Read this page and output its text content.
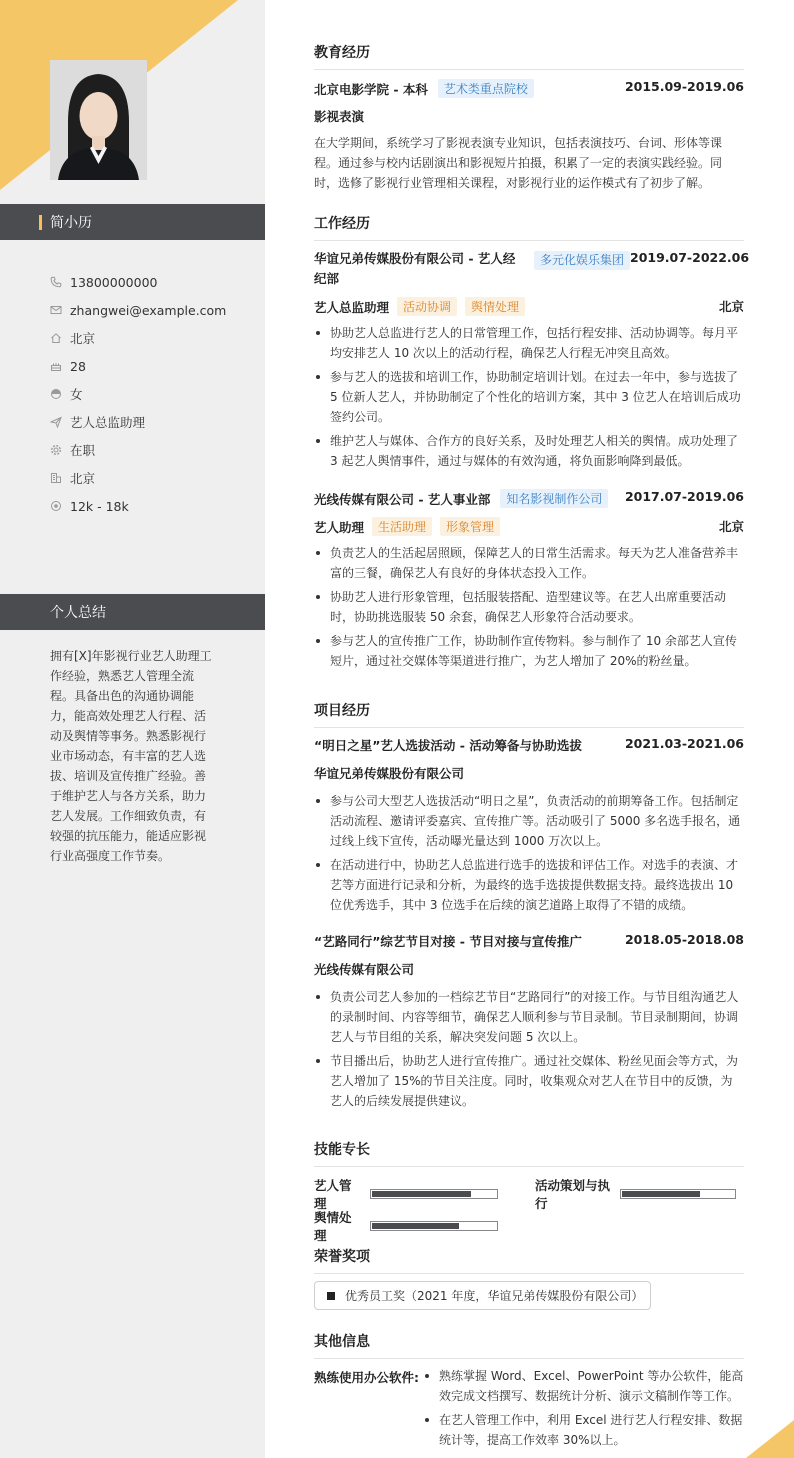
简小历
13800000000
zhangwei@example.com
北京
28
女
艺人总监助理
在职
北京
12k - 18k
个人总结
拥有[X]年影视行业艺人助理工作经验，熟悉艺人管理全流程。具备出色的沟通协调能力，能高效处理艺人行程、活动及舆情等事务。熟悉影视行业市场动态，有丰富的艺人选拔、培训及宣传推广经验。善于维护艺人与各方关系，助力艺人发展。工作细致负责，有较强的抗压能力，能适应影视行业高强度工作节奏。
教育经历
北京电影学院 - 本科	艺术类重点院校	2015.09-2019.06
影视表演
在大学期间，系统学习了影视表演专业知识，包括表演技巧、台词、形体等课程。通过参与校内话剧演出和影视短片拍摄，积累了一定的表演实践经验。同时，选修了影视行业管理相关课程，对影视行业的运作模式有了初步了解。
工作经历
华谊兄弟传媒股份有限公司 - 艺人经纪部
多元化娱乐集团 2019.07-2022.06
艺人总监助理	活动协调	舆情处理	北京
协助艺人总监进行艺人的日常管理工作，包括行程安排、活动协调等。每月平均安排艺人 10 次以上的活动行程，确保艺人行程无冲突且高效。
参与艺人的选拔和培训工作，协助制定培训计划。在过去一年中，参与选拔了 5 位新人艺人，并协助制定了个性化的培训方案，其中 3 位艺人在培训后成功签约公司。
维护艺人与媒体、合作方的良好关系，及时处理艺人相关的舆情。成功处理了 3 起艺人舆情事件，通过与媒体的有效沟通，将负面影响降到最低。
光线传媒有限公司 - 艺人事业部	知名影视制作公司	2017.07-2019.06
艺人助理	生活助理	形象管理	北京
负责艺人的生活起居照顾，保障艺人的日常生活需求。每天为艺人准备营养丰富的三餐，确保艺人有良好的身体状态投入工作。
协助艺人进行形象管理，包括服装搭配、造型建议等。在艺人出席重要活动时，协助挑选服装 50 余套，确保艺人形象符合活动要求。
参与艺人的宣传推广工作，协助制作宣传物料。参与制作了 10 余部艺人宣传短片，通过社交媒体等渠道进行推广，为艺人增加了 20%的粉丝量。
项目经历
“明日之星”艺人选拔活动 - 活动筹备与协助选拔	2021.03-2021.06
华谊兄弟传媒股份有限公司
参与公司大型艺人选拔活动“明日之星”，负责活动的前期筹备工作。包括制定活动流程、邀请评委嘉宾、宣传推广等。活动吸引了 5000 多名选手报名，通过线上线下宣传，活动曝光量达到 1000 万次以上。
在活动进行中，协助艺人总监进行选手的选拔和评估工作。对选手的表演、才艺等方面进行记录和分析，为最终的选手选拔提供数据支持。最终选拔出 10 位优秀选手，其中 3 位选手在后续的演艺道路上取得了不错的成绩。
“艺路同行”综艺节目对接 - 节目对接与宣传推广	2018.05-2018.08
光线传媒有限公司
负责公司艺人参加的一档综艺节目“艺路同行”的对接工作。与节目组沟通艺人的录制时间、内容等细节，确保艺人顺利参与节目录制。节目录制期间，协调艺人与节目组的关系，解决突发问题 5 次以上。
节目播出后，协助艺人进行宣传推广。通过社交媒体、粉丝见面会等方式，为艺人增加了 15%的节目关注度。同时，收集观众对艺人在节目中的反馈，为艺人的后续发展提供建议。
技能专长
艺人管理
活动策划与执行
舆情处理
荣誉奖项
优秀员工奖（2021 年度，华谊兄弟传媒股份有限公司）
其他信息
熟练使用办公软件:	熟练掌握 Word、Excel、PowerPoint 等办公软件，能高效完成文档撰写、数据统计分析、演示文稿制作等工作。
在艺人管理工作中，利用 Excel 进行艺人行程安排、数据统计等，提高工作效率 30%以上。
